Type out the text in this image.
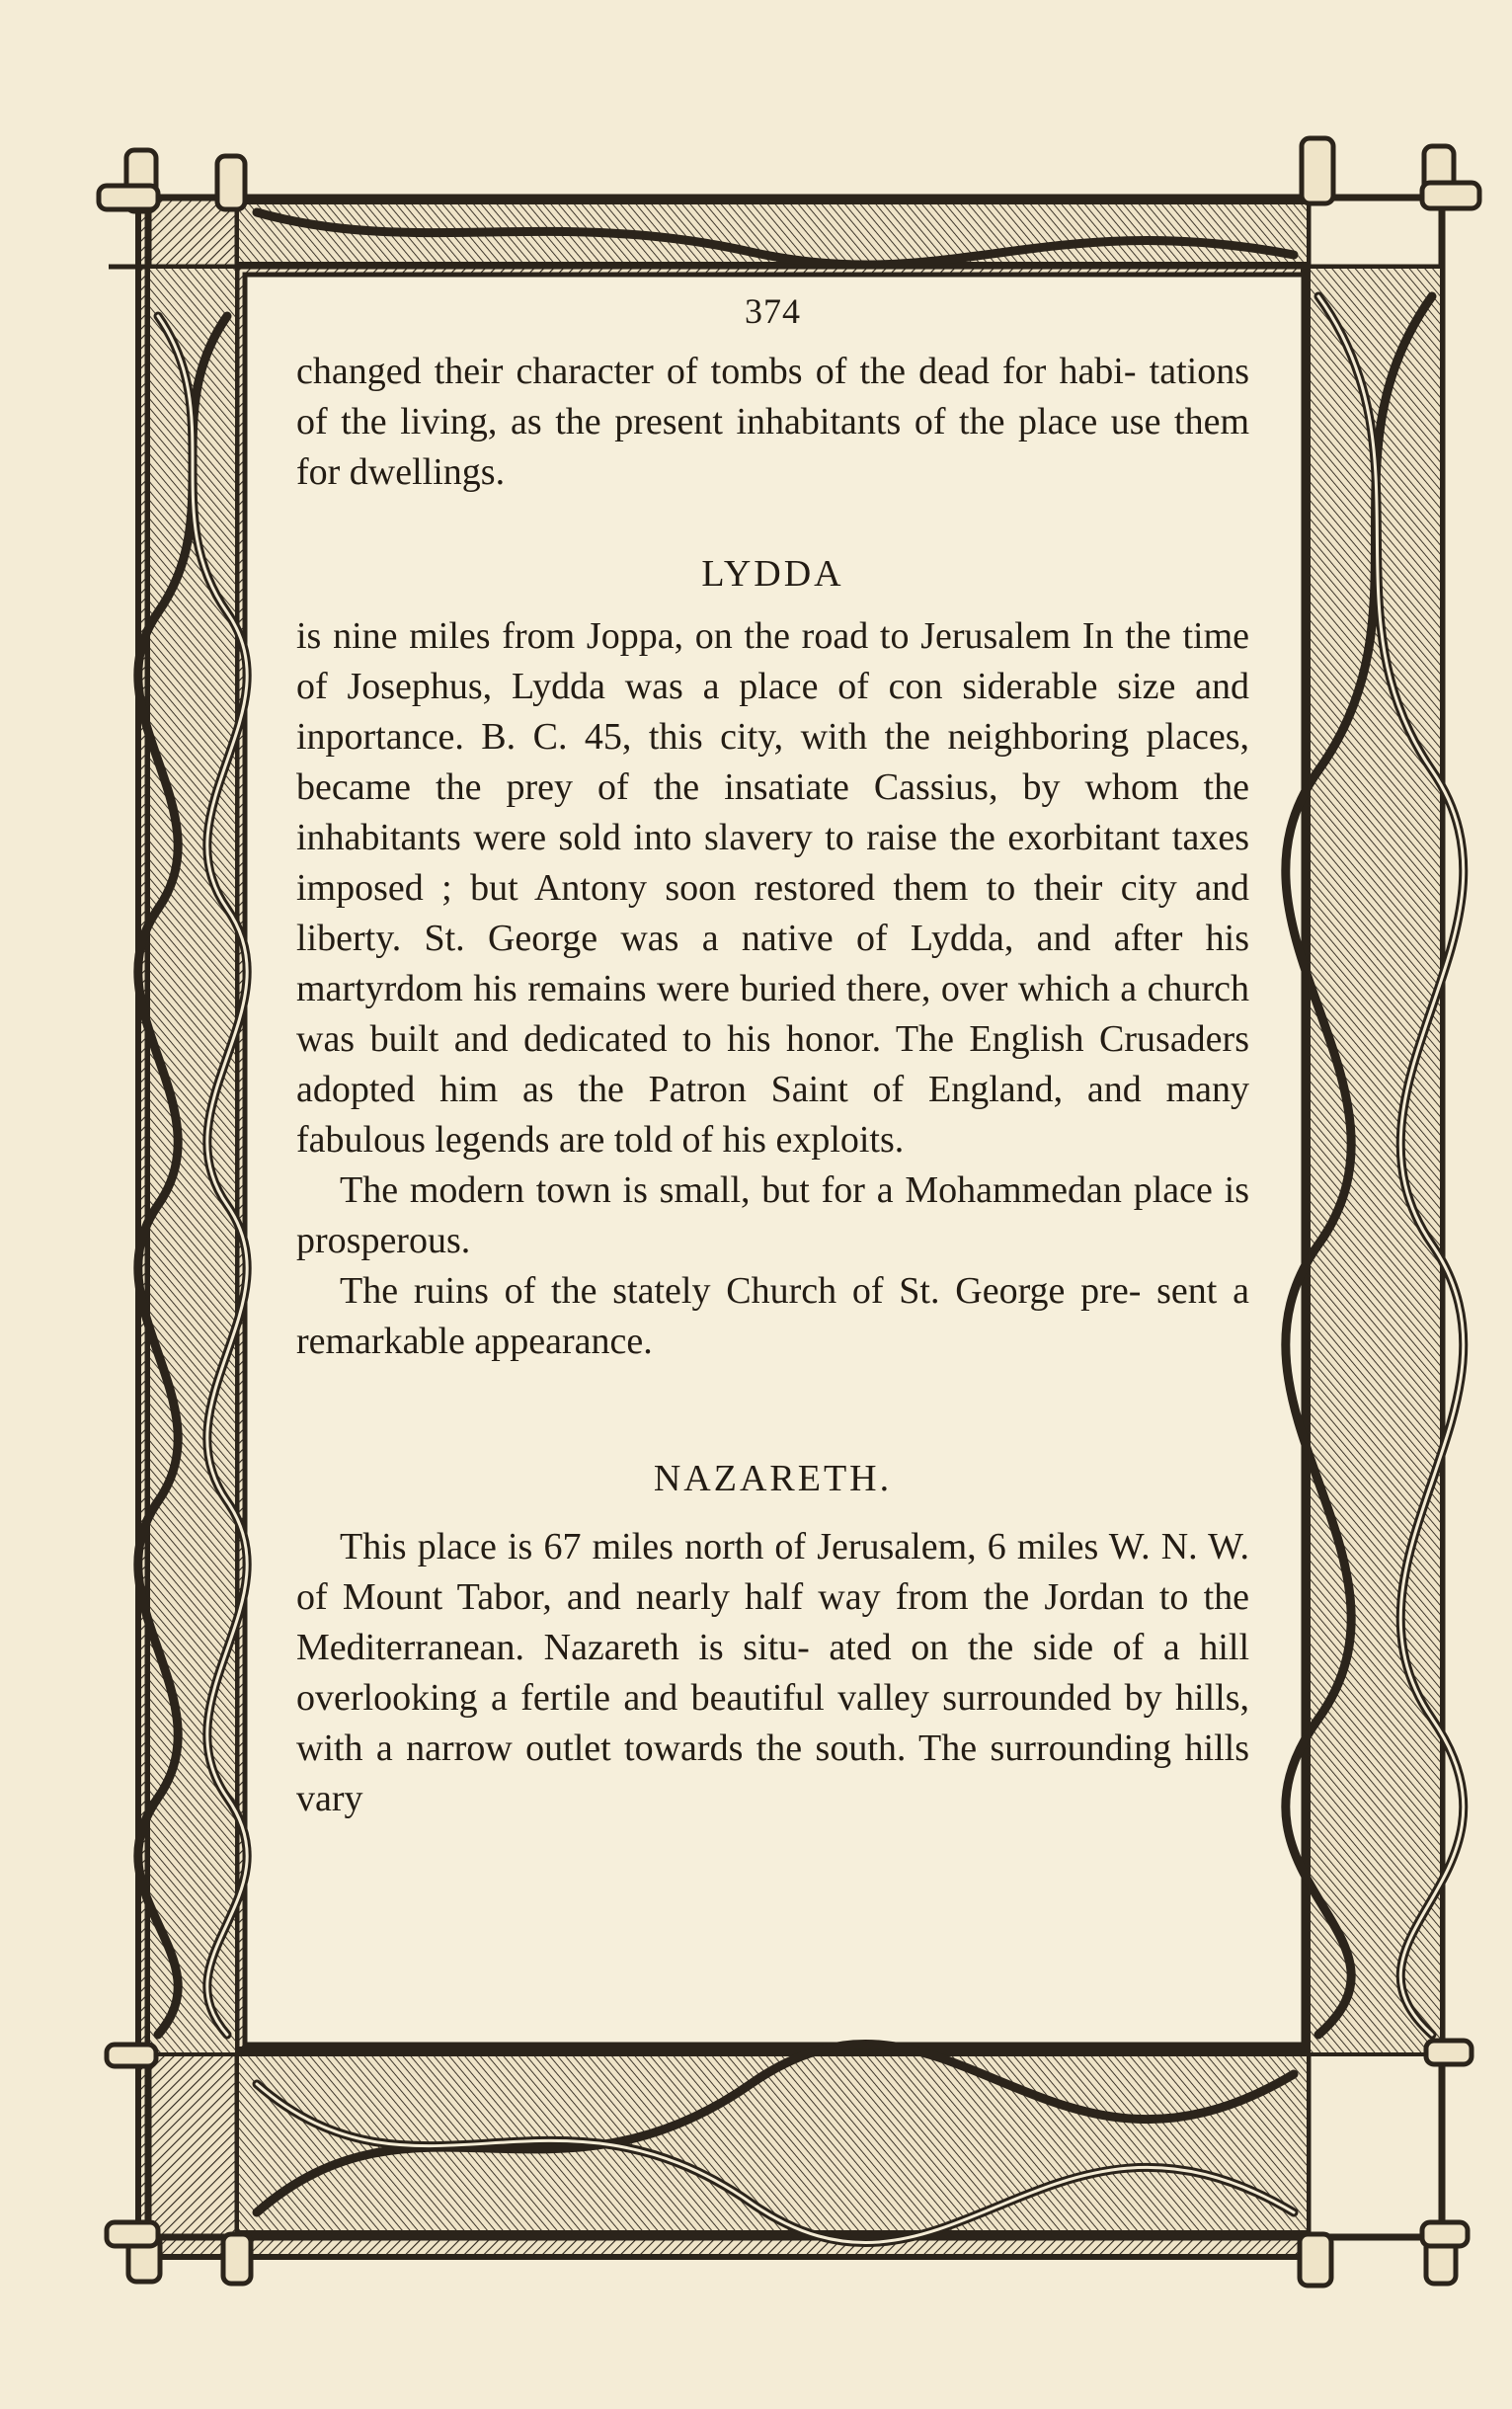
374

changed their character of tombs of the dead for habi- tations of the living, as the present inhabitants of the place use them for dwellings.

LYDDA

is nine miles from Joppa, on the road to Jerusalem In the time of Josephus, Lydda was a place of con siderable size and inportance. B. C. 45, this city, with the neighboring places, became the prey of the insatiate Cassius, by whom the inhabitants were sold into slavery to raise the exorbitant taxes imposed ; but Antony soon restored them to their city and liberty. St. George was a native of Lydda, and after his martyrdom his remains were buried there, over which a church was built and dedicated to his honor. The English Crusaders adopted him as the Patron Saint of England, and many fabulous legends are told of his exploits.

The modern town is small, but for a Mohammedan place is prosperous.

The ruins of the stately Church of St. George pre- sent a remarkable appearance.

NAZARETH.

This place is 67 miles north of Jerusalem, 6 miles W. N. W. of Mount Tabor, and nearly half way from the Jordan to the Mediterranean. Nazareth is situ- ated on the side of a hill overlooking a fertile and beautiful valley surrounded by hills, with a narrow outlet towards the south. The surrounding hills vary
